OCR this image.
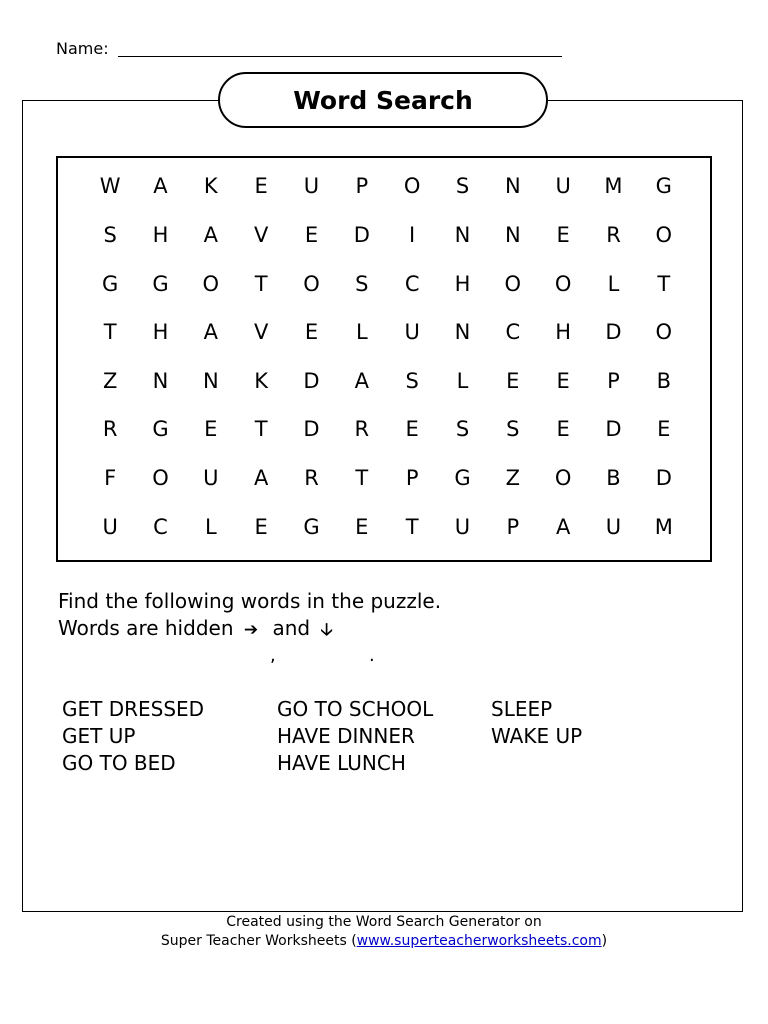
Name:
Word Search
W	A	K	E	U	P	O	S	N	U	M	G
S	H	A	V	E	D	I	N	N	E	R	O
G	G	O	T	O	S	C	H	O	O	L	T
T	H	A	V	E	L	U	N	C	H	D	O
Z	N	N	K	D	A	S	L	E	E	P	B
R	G	E	T	D	R	E	S	S	E	D	E
F	O	U	A	R	T	P	G	Z	O	B	D
U	C	L	E	G	E	T	U	P	A	U	M
Find the following words in the puzzle.
Words are hidden ➔ and 🡣
,	.
GET DRESSED
GET UP
GO TO BED
GO TO SCHOOL
HAVE DINNER
HAVE LUNCH
SLEEP
WAKE UP
Created using the Word Search Generator on
Super Teacher Worksheets (www.superteacherworksheets.com)
